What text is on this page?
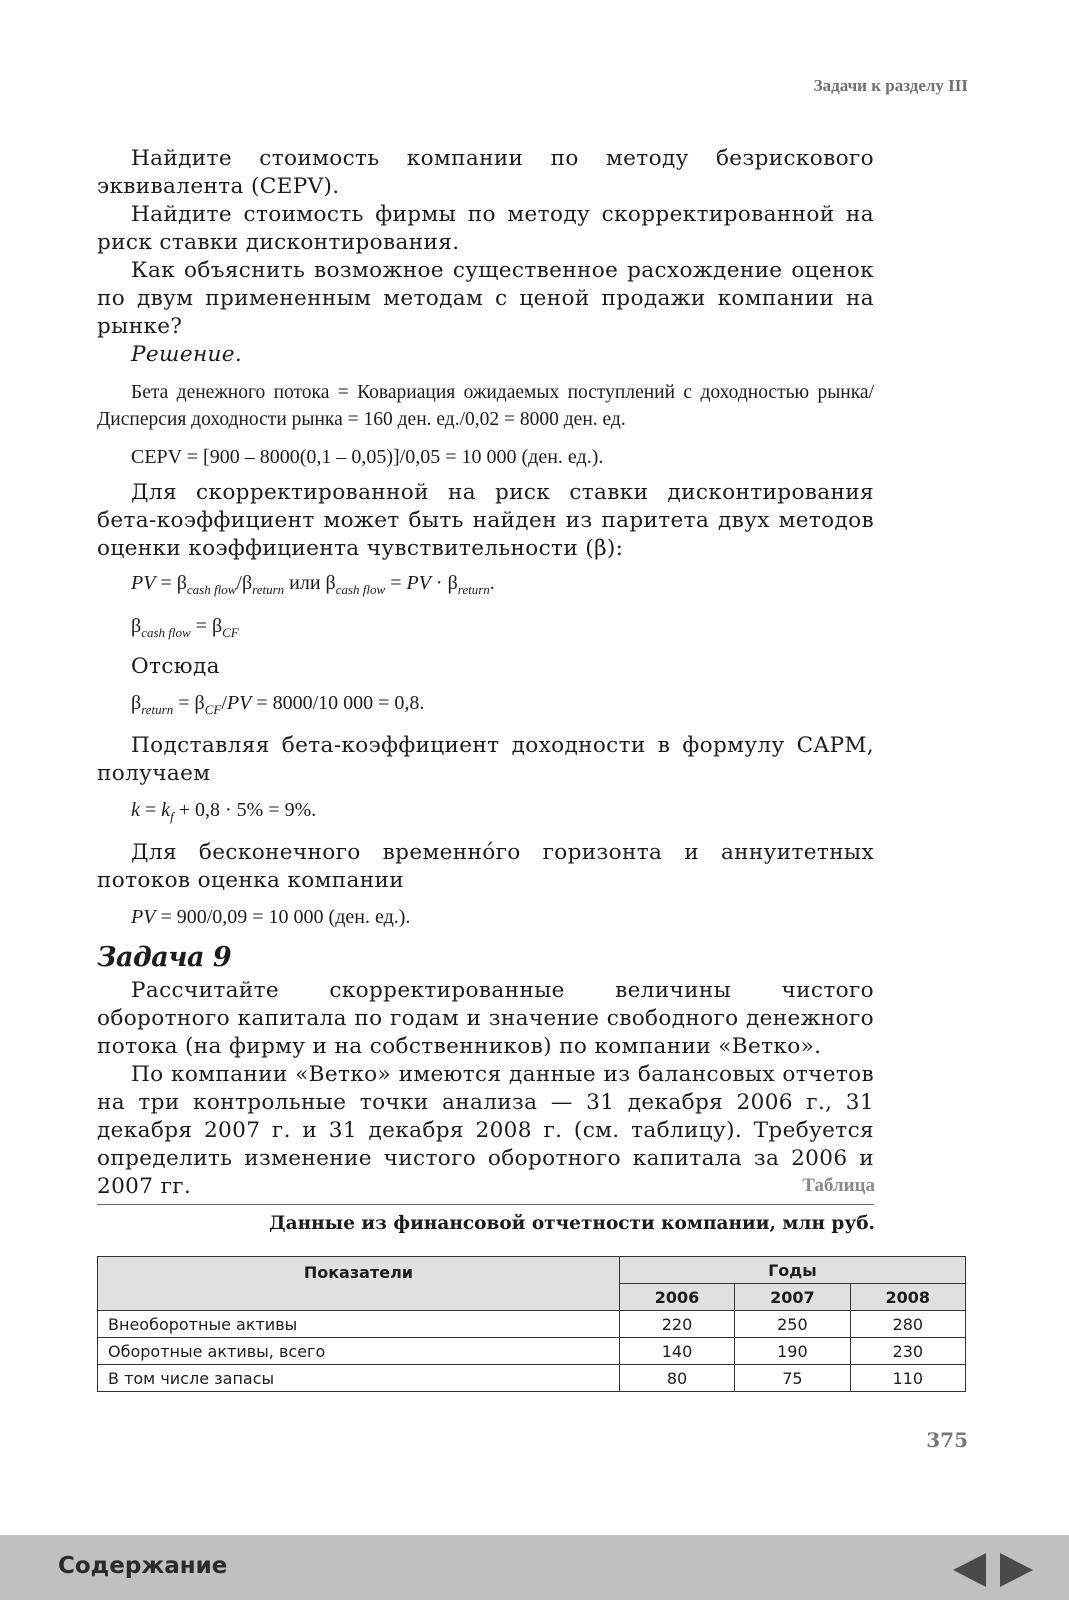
Задачи к разделу III

Найдите стоимость компании по методу безрискового эквивалента (CEPV).

Найдите стоимость фирмы по методу скорректированной на риск ставки дисконтирования.

Как объяснить возможное существенное расхождение оценок по двум примененным методам с ценой продажи компании на рынке?

Решение.

Бета денежного потока = Ковариация ожидаемых поступлений с доходностью рынка/Дисперсия доходности рынка = 160 ден. ед./0,02 = 8000 ден. ед.

CEPV = [900 – 8000(0,1 – 0,05)]/0,05 = 10 000 (ден. ед.).

Для скорректированной на риск ставки дисконтирования бета-коэффициент может быть найден из паритета двух методов оценки коэффициента чувствительности (β):

PV = $\beta_{cash flow}/\beta_{return}$ или $\beta_{cash flow}$ = PV · $\beta_{return}$.

$\beta_{cash flow} = \beta_{CF}$

Отсюда

$\beta_{return} = \beta_{CF}/PV = 8000/10$ 000 = 0,8.

Подставляя бета-коэффициент доходности в формулу CAPM, получаем

$k = k_f + 0,8 \cdot 5\% = 9\%$.

Для бесконечного временнóго горизонта и аннуитетных потоков оценка компании

PV = 900/0,09 = 10 000 (ден. ед.).

Задача 9

Рассчитайте скорректированные величины чистого оборотного капитала по годам и значение свободного денежного потока (на фирму и на собственников) по компании «Ветко».

По компании «Ветко» имеются данные из балансовых отчетов на три контрольные точки анализа — 31 декабря 2006 г., 31 декабря 2007 г. и 31 декабря 2008 г. (см. таблицу). Требуется определить изменение чистого оборотного капитала за 2006 и 2007 гг.	Таблица
Данные из финансовой отчетности компании, млн руб.
Показатели	Годы		
	2006	2007	2008
Внеоборотные активы	220	250	280
Оборотные активы, всего	140	190	230
В том числе запасы	80	75	110
375
Содержание
